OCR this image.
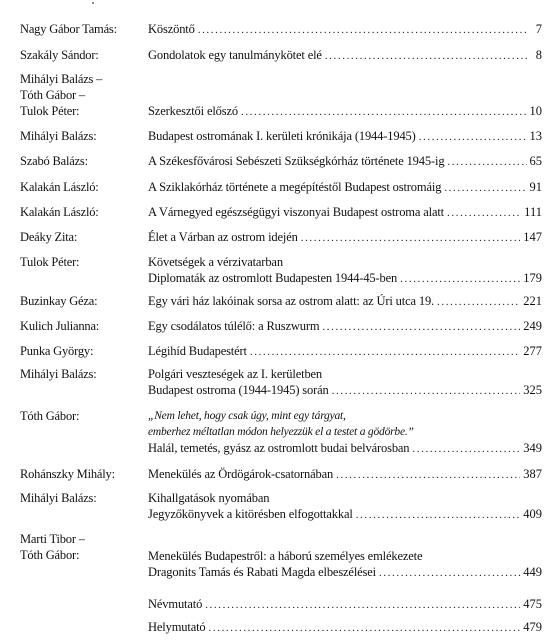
Nagy Gábor Tamás:	Köszöntő .....	7
Szakály Sándor:	Gondolatok egy tanulmánykötet elé .....	8
Mihályi Balázs –
Tóth Gábor –
Tulok Péter:	Szerkesztői előszó .....	10
Mihályi Balázs:	Budapest ostromának I. kerületi krónikája (1944-1945) .....	13
Szabó Balázs:	A Székesfővárosi Sebészeti Szükségkórház története 1945-ig .....	65
Kalakán László:	A Sziklakórház története a megépítéstől Budapest ostromáig .....	91
Kalakán László:	A Várnegyed egészségügyi viszonyai Budapest ostroma alatt .....	111
Deáky Zita:	Élet a Várban az ostrom idején .....	147
Tulok Péter:	Követségek a vérzivatarban
Diplomaták az ostromlott Budapesten 1944-45-ben .....	179
Buzinkay Géza:	Egy vári ház lakóinak sorsa az ostrom alatt: az Úri utca 19. .....	221
Kulich Julianna:	Egy csodálatos túlélő: a Ruszwurm .....	249
Punka György:	Légihíd Budapestért .....	277
Mihályi Balázs:	Polgári veszteségek az I. kerületben
Budapest ostroma (1944-1945) során .....	325
Tóth Gábor:	„Nem lehet, hogy csak úgy, mint egy tárgyat,
emberhez méltatlan módon helyezzük el a testet a gödörbe.”
Halál, temetés, gyász az ostromlott budai belvárosban .....	349
Rohánszky Mihály:	Menekülés az Ördögárok-csatornában .....	387
Mihályi Balázs:	Kihallgatások nyomában
Jegyzőkönyvek a kitörésben elfogottakkal .....	409
Marti Tibor –
Tóth Gábor:	Menekülés Budapestről: a háború személyes emlékezete
Dragonits Tamás és Rabati Magda elbeszélései .....	449
Névmutató .....	475
Helymutató .....	479
